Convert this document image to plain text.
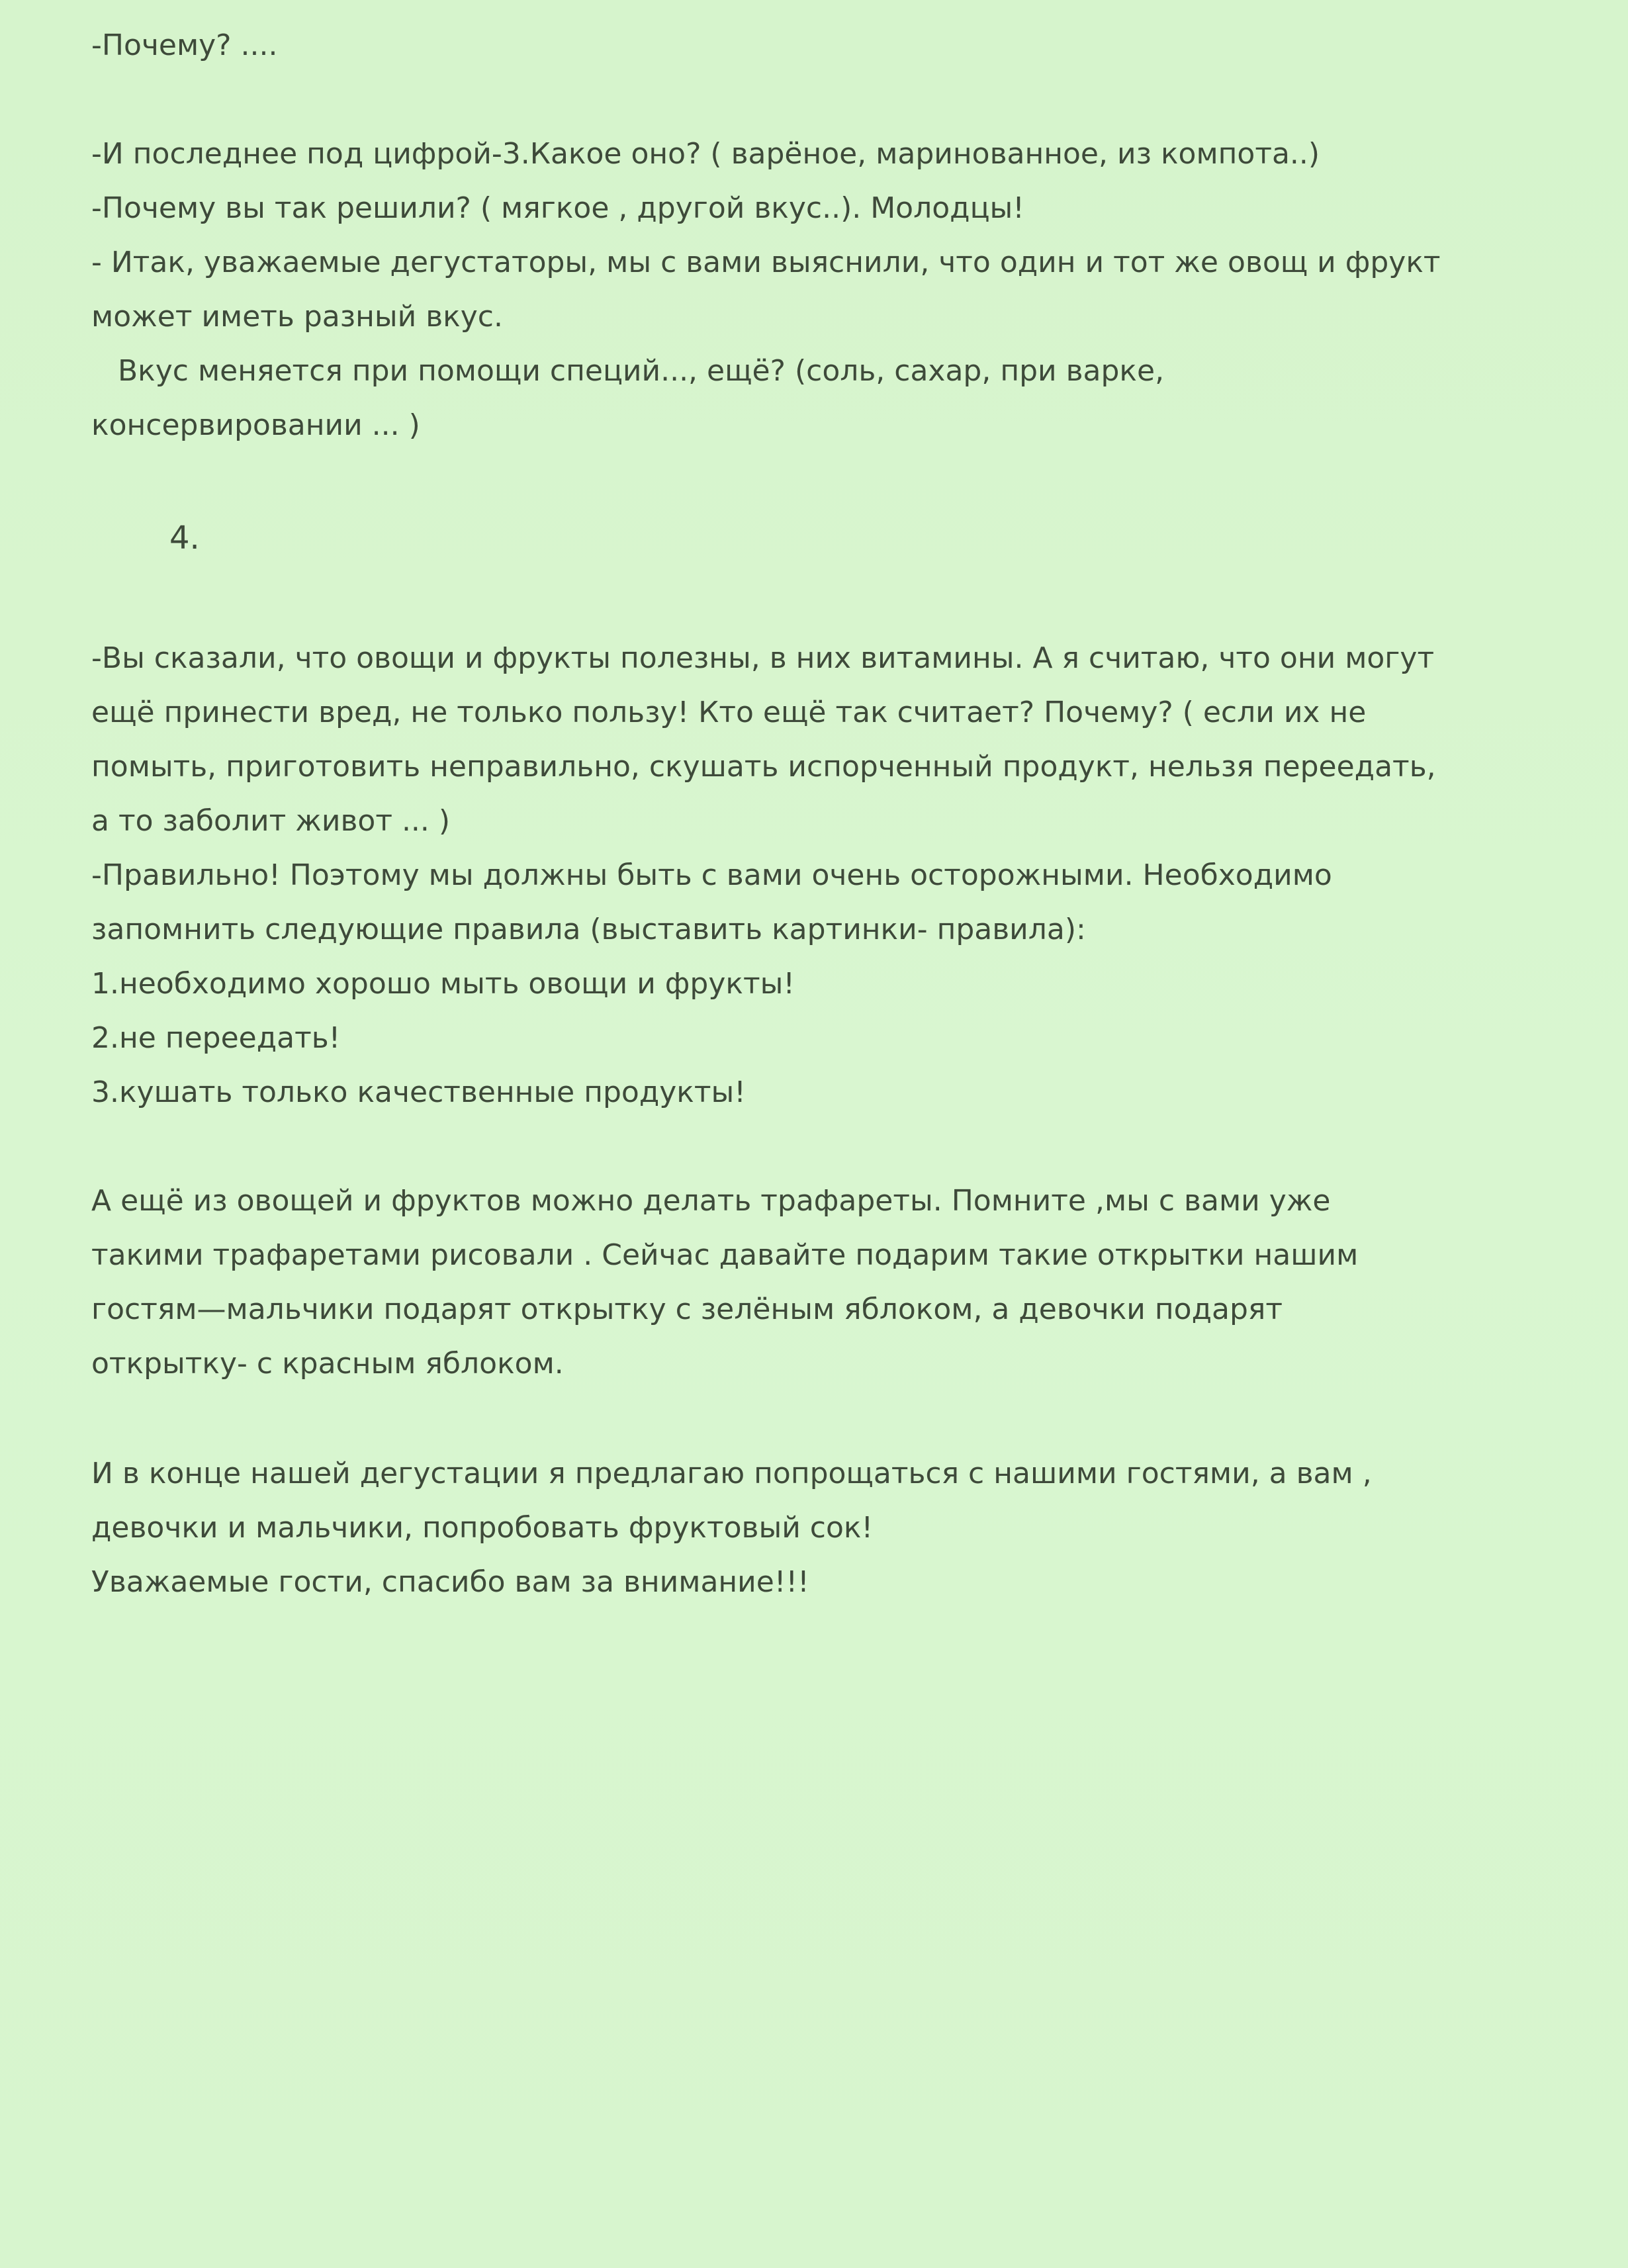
-Почему? ....

-И последнее под цифрой-3.Какое оно? ( варёное, маринованное, из компота..)
-Почему вы так решили? ( мягкое , другой вкус..). Молодцы!
- Итак, уважаемые дегустаторы, мы с вами выяснили, что один и тот же овощ и фрукт
может иметь разный вкус.
Вкус меняется при помощи специй..., ещё? (соль, сахар, при варке,
консервировании ... )
4.
-Вы сказали, что овощи и фрукты полезны, в них витамины. А я считаю, что они могут
ещё принести вред, не только пользу! Кто ещё так считает? Почему? ( если их не
помыть, приготовить неправильно, скушать испорченный продукт, нельзя переедать,
а то заболит живот ... )
-Правильно! Поэтому мы должны быть с вами очень осторожными. Необходимо
запомнить следующие правила (выставить картинки- правила):
1.необходимо хорошо мыть овощи и фрукты!
2.не переедать!
3.кушать только качественные продукты!
А ещё из овощей и фруктов можно делать трафареты. Помните ,мы с вами уже
такими трафаретами рисовали . Сейчас давайте подарим такие открытки нашим
гостям—мальчики подарят открытку с зелёным яблоком, а девочки подарят
открытку- с красным яблоком.
И в конце нашей дегустации я предлагаю попрощаться с нашими гостями, а вам ,
девочки и мальчики, попробовать фруктовый сок!
Уважаемые гости, спасибо вам за внимание!!!
